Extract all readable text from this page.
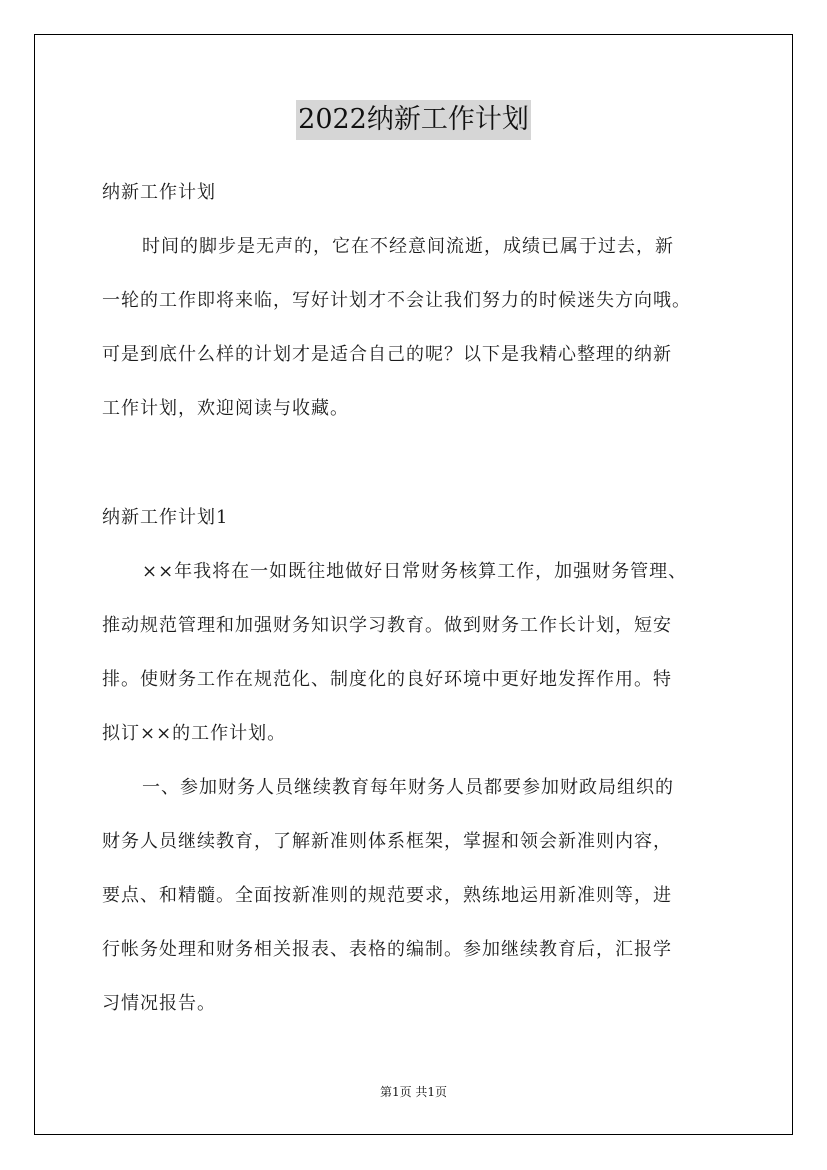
2022纳新工作计划
纳新工作计划
时间的脚步是无声的，它在不经意间流逝，成绩已属于过去，新
一轮的工作即将来临，写好计划才不会让我们努力的时候迷失方向哦。
可是到底什么样的计划才是适合自己的呢？以下是我精心整理的纳新
工作计划，欢迎阅读与收藏。
纳新工作计划1
××年我将在一如既往地做好日常财务核算工作，加强财务管理、
推动规范管理和加强财务知识学习教育。做到财务工作长计划，短安
排。使财务工作在规范化、制度化的良好环境中更好地发挥作用。特
拟订××的工作计划。
一、参加财务人员继续教育每年财务人员都要参加财政局组织的
财务人员继续教育，了解新准则体系框架，掌握和领会新准则内容，
要点、和精髓。全面按新准则的规范要求，熟练地运用新准则等，进
行帐务处理和财务相关报表、表格的编制。参加继续教育后，汇报学
习情况报告。
第1页 共1页
